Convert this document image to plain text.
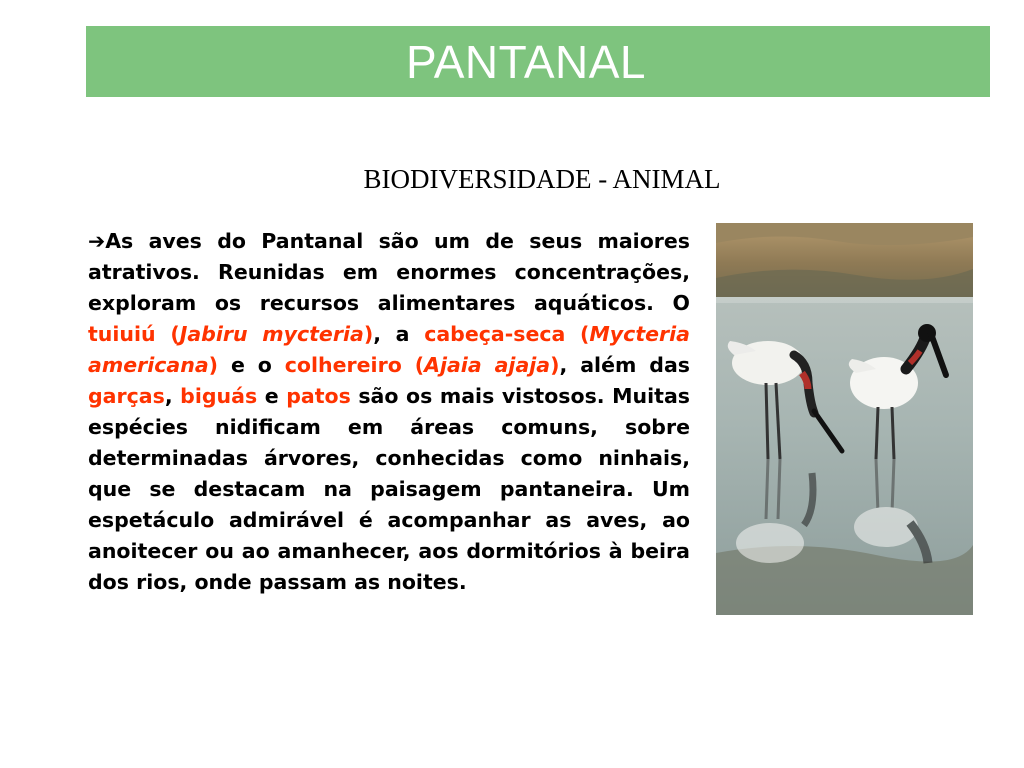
PANTANAL
BIODIVERSIDADE - ANIMAL
➔As aves do Pantanal são um de seus maiores atrativos. Reunidas em enormes concentrações, exploram os recursos alimentares aquáticos. O tuiuiú (Jabiru mycteria), a cabeça-seca (Mycteria americana) e o colhereiro (Ajaia ajaja), além das garças, biguás e patos são os mais vistosos. Muitas espécies nidificam em áreas comuns, sobre determinadas árvores, conhecidas como ninhais, que se destacam na paisagem pantaneira. Um espetáculo admirável é acompanhar as aves, ao anoitecer ou ao amanhecer, aos dormitórios à beira dos rios, onde passam as noites.
